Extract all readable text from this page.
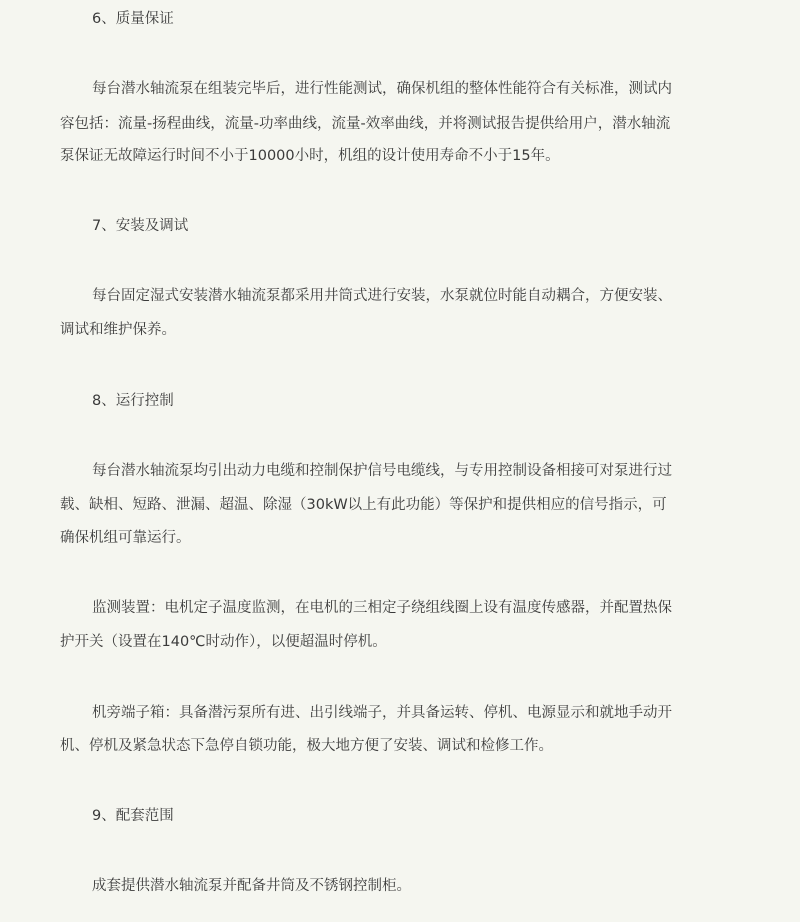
6、质量保证
每台潜水轴流泵在组装完毕后，进行性能测试，确保机组的整体性能符合有关标准，测试内
容包括：流量-扬程曲线，流量-功率曲线，流量-效率曲线，并将测试报告提供给用户，潜水轴流
泵保证无故障运行时间不小于10000小时，机组的设计使用寿命不小于15年。
7、安装及调试
每台固定湿式安装潜水轴流泵都采用井筒式进行安装，水泵就位时能自动耦合，方便安装、
调试和维护保养。
8、运行控制
每台潜水轴流泵均引出动力电缆和控制保护信号电缆线，与专用控制设备相接可对泵进行过
载、缺相、短路、泄漏、超温、除湿（30kW以上有此功能）等保护和提供相应的信号指示，可
确保机组可靠运行。
监测装置：电机定子温度监测，在电机的三相定子绕组线圈上设有温度传感器，并配置热保
护开关（设置在140℃时动作），以便超温时停机。
机旁端子箱：具备潜污泵所有进、出引线端子，并具备运转、停机、电源显示和就地手动开
机、停机及紧急状态下急停自锁功能，极大地方便了安装、调试和检修工作。
9、配套范围
成套提供潜水轴流泵并配备井筒及不锈钢控制柜。
